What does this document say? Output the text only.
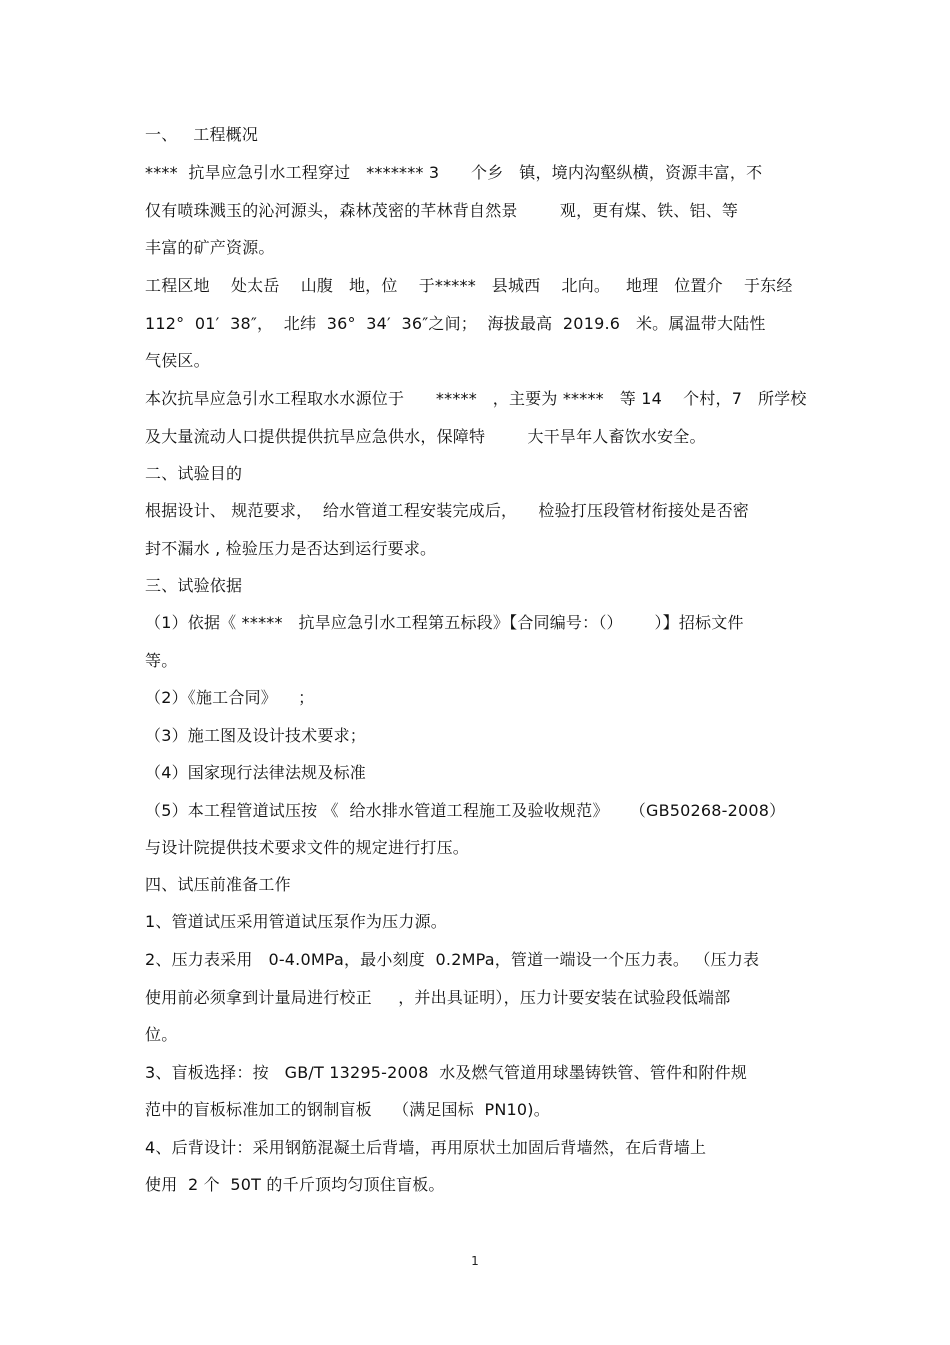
一、   工程概况
****  抗旱应急引水工程穿过   ******* 3      个乡   镇，境内沟壑纵横，资源丰富，不
仅有喷珠溅玉的沁河源头，森林茂密的芊林背自然景        观，更有煤、铁、铝、等
丰富的矿产资源。
工程区地    处太岳    山腹   地，位    于*****   县城西    北向。   地理   位置介    于东经
112°  01′  38″，  北纬  36°  34′  36″之间；  海拔最高  2019.6   米。属温带大陆性
气侯区。
本次抗旱应急引水工程取水水源位于      *****   ，主要为 *****   等 14    个村，7   所学校
及大量流动人口提供提供抗旱应急供水，保障特        大干旱年人畜饮水安全。
二、试验目的
根据设计、 规范要求，  给水管道工程安装完成后，    检验打压段管材衔接处是否密
封不漏水 , 检验压力是否达到运行要求。
三、试验依据
（1）依据《 *****   抗旱应急引水工程第五标段》【合同编号：（）      ）】招标文件
等。
（2）《施工合同》    ；
（3）施工图及设计技术要求；
（4）国家现行法律法规及标准
（5）本工程管道试压按 《  给水排水管道工程施工及验收规范》    （GB50268-2008）
与设计院提供技术要求文件的规定进行打压。
四、试压前准备工作
1、管道试压采用管道试压泵作为压力源。
2、压力表采用   0-4.0MPa，最小刻度  0.2MPa，管道一端设一个压力表。 （压力表
使用前必须拿到计量局进行校正     ，并出具证明），压力计要安装在试验段低端部
位。
3、盲板选择：按   GB/T 13295-2008  水及燃气管道用球墨铸铁管、管件和附件规
范中的盲板标准加工的钢制盲板    （满足国标  PN10)。
4、后背设计：采用钢筋混凝土后背墙，再用原状土加固后背墙然，在后背墙上
使用  2 个  50T 的千斤顶均匀顶住盲板。
1
